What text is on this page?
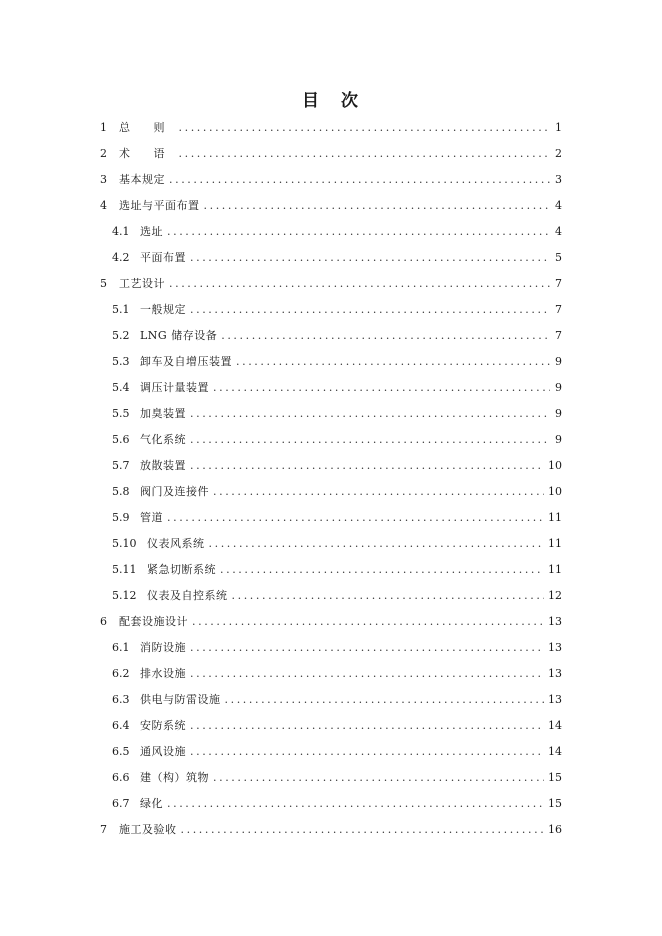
目 次
1	总 则 .....	1
2	术 语 .....	2
3	基本规定 .....	3
4	选址与平面布置 .....	4
4.1 选址 .....	4
4.2 平面布置 .....	5
5	工艺设计 .....	7
5.1 一般规定 .....	7
5.2 LNG 储存设备 .....	7
5.3 卸车及自增压装置 .....	9
5.4 调压计量装置 .....	9
5.5 加臭装置 .....	9
5.6 气化系统 .....	9
5.7 放散装置 .....	10
5.8 阀门及连接件 .....	10
5.9 管道 .....	11
5.10 仪表风系统 .....	11
5.11 紧急切断系统 .....	11
5.12 仪表及自控系统 .....	12
6	配套设施设计 .....	13
6.1 消防设施 .....	13
6.2 排水设施 .....	13
6.3 供电与防雷设施 .....	13
6.4 安防系统 .....	14
6.5 通风设施 .....	14
6.6 建（构）筑物 .....	15
6.7 绿化 .....	15
7	施工及验收 .....	16
